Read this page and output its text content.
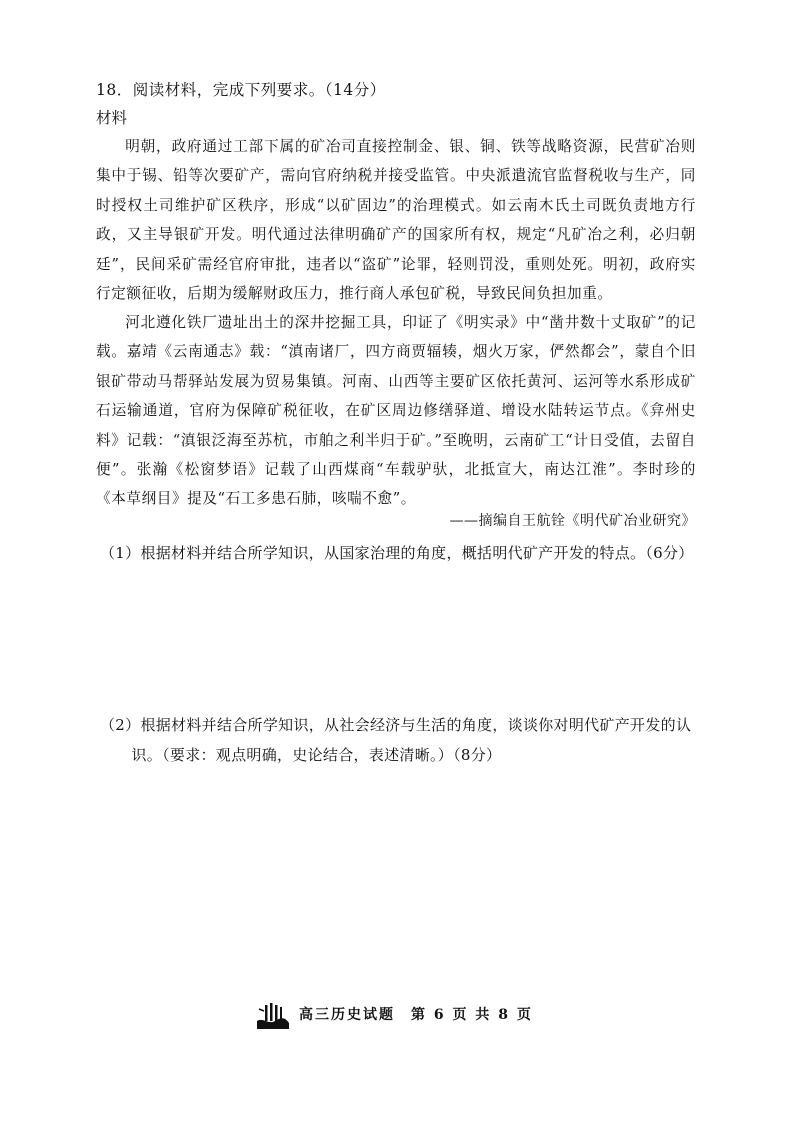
18．阅读材料，完成下列要求。（14分）
材料

明朝，政府通过工部下属的矿冶司直接控制金、银、铜、铁等战略资源，民营矿冶则集中于锡、铅等次要矿产，需向官府纳税并接受监管。中央派遣流官监督税收与生产，同时授权土司维护矿区秩序，形成“以矿固边”的治理模式。如云南木氏土司既负责地方行政，又主导银矿开发。明代通过法律明确矿产的国家所有权，规定“凡矿冶之利，必归朝廷”，民间采矿需经官府审批，违者以“盗矿”论罪，轻则罚没，重则处死。明初，政府实行定额征收，后期为缓解财政压力，推行商人承包矿税，导致民间负担加重。

河北遵化铁厂遗址出土的深井挖掘工具，印证了《明实录》中“凿井数十丈取矿”的记载。嘉靖《云南通志》载：“滇南诸厂，四方商贾辐辏，烟火万家，俨然都会”，蒙自个旧银矿带动马帮驿站发展为贸易集镇。河南、山西等主要矿区依托黄河、运河等水系形成矿石运输通道，官府为保障矿税征收，在矿区周边修缮驿道、增设水陆转运节点。《弇州史料》记载：“滇银泛海至苏杭，市舶之利半归于矿。”至晚明，云南矿工“计日受值，去留自便”。张瀚《松窗梦语》记载了山西煤商“车载驴驮，北抵宣大，南达江淮”。李时珍的《本草纲目》提及“石工多患石肺，咳喘不愈”。

——摘编自王航铨《明代矿冶业研究》

（1）根据材料并结合所学知识，从国家治理的角度，概括明代矿产开发的特点。（6分）

（2）根据材料并结合所学知识，从社会经济与生活的角度，谈谈你对明代矿产开发的认识。（要求：观点明确，史论结合，表述清晰。）（8分）

高三历史试题　第 6 页 共 8 页
